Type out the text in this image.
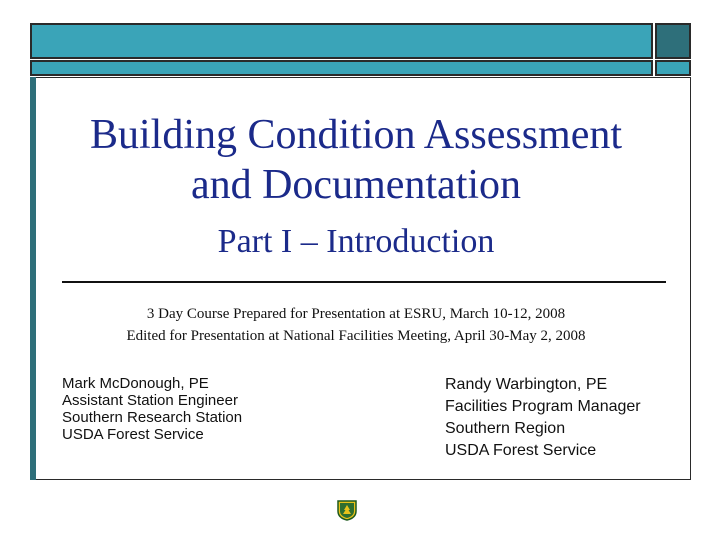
Building Condition Assessment
and Documentation
Part I – Introduction
3 Day Course Prepared for Presentation at ESRU, March 10-12, 2008
Edited for Presentation at National Facilities Meeting, April 30-May 2, 2008
Mark McDonough, PE
Assistant Station Engineer
Southern Research Station
USDA Forest Service
Randy Warbington, PE
Facilities Program Manager
Southern Region
USDA Forest Service
